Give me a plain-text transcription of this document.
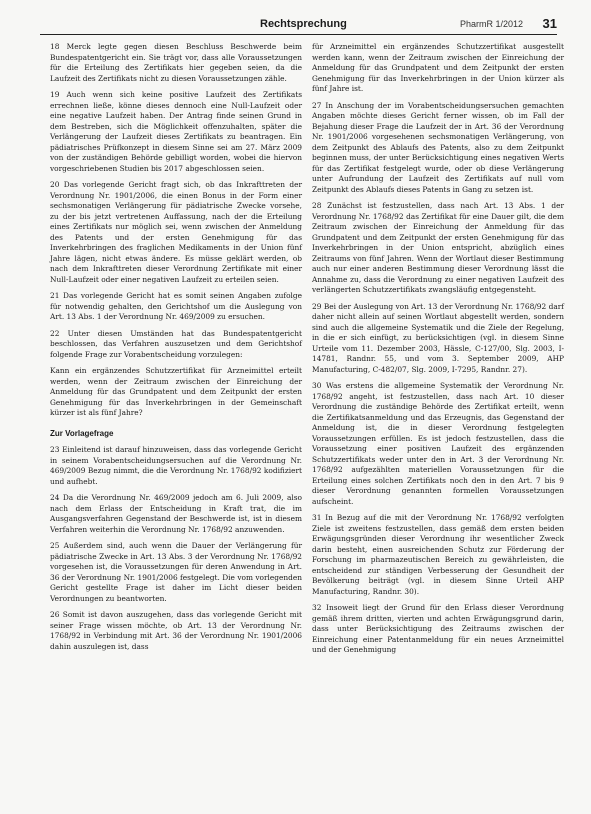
Rechtsprechung	PharmR 1/2012 31

18 Merck legte gegen diesen Beschluss Beschwerde beim Bundespatentgericht ein. Sie trägt vor, dass alle Voraussetzungen für die Erteilung des Zertifikats hier gegeben seien, da die Laufzeit des Zertifikats nicht zu diesen Voraussetzungen zähle.

19 Auch wenn sich keine positive Laufzeit des Zertifikats errechnen ließe, könne dieses dennoch eine Null-Laufzeit oder eine negative Laufzeit haben. Der Antrag finde seinen Grund in dem Bestreben, sich die Möglichkeit offenzuhalten, später die Verlängerung der Laufzeit dieses Zertifikats zu beantragen. Ein pädiatrisches Prüfkonzept in diesem Sinne sei am 27. März 2009 von der zuständigen Behörde gebilligt worden, wobei die hiervon vorgeschriebenen Studien bis 2017 abgeschlossen seien.

20 Das vorlegende Gericht fragt sich, ob das Inkrafttreten der Verordnung Nr. 1901/2006, die einen Bonus in der Form einer sechsmonatigen Verlängerung für pädiatrische Zwecke vorsehe, zu der bis jetzt vertretenen Auffassung, nach der die Erteilung eines Zertifikats nur möglich sei, wenn zwischen der Anmeldung des Patents und der ersten Genehmigung für das Inverkehrbringen des fraglichen Medikaments in der Union fünf Jahre lägen, nicht etwas ändere. Es müsse geklärt werden, ob nach dem Inkrafttreten dieser Verordnung Zertifikate mit einer Null-Laufzeit oder einer negativen Laufzeit zu erteilen seien.

21 Das vorlegende Gericht hat es somit seinen Angaben zufolge für notwendig gehalten, den Gerichtshof um die Auslegung von Art. 13 Abs. 1 der Verordnung Nr. 469/2009 zu ersuchen.

22 Unter diesen Umständen hat das Bundespatentgericht beschlossen, das Verfahren auszusetzen und dem Gerichtshof folgende Frage zur Vorabentscheidung vorzulegen:

Kann ein ergänzendes Schutzzertifikat für Arzneimittel erteilt werden, wenn der Zeitraum zwischen der Einreichung der Anmeldung für das Grundpatent und dem Zeitpunkt der ersten Genehmigung für das Inverkehrbringen in der Gemeinschaft kürzer ist als fünf Jahre?

Zur Vorlagefrage

23 Einleitend ist darauf hinzuweisen, dass das vorlegende Gericht in seinem Vorabentscheidungsersuchen auf die Verordnung Nr. 469/2009 Bezug nimmt, die die Verordnung Nr. 1768/92 kodifiziert und aufhebt.

24 Da die Verordnung Nr. 469/2009 jedoch am 6. Juli 2009, also nach dem Erlass der Entscheidung in Kraft trat, die im Ausgangsverfahren Gegenstand der Beschwerde ist, ist in diesem Verfahren weiterhin die Verordnung Nr. 1768/92 anzuwenden.

25 Außerdem sind, auch wenn die Dauer der Verlängerung für pädiatrische Zwecke in Art. 13 Abs. 3 der Verordnung Nr. 1768/92 vorgesehen ist, die Voraussetzungen für deren Anwendung in Art. 36 der Verordnung Nr. 1901/2006 festgelegt. Die vom vorlegenden Gericht gestellte Frage ist daher im Licht dieser beiden Verordnungen zu beantworten.

26 Somit ist davon auszugehen, dass das vorlegende Gericht mit seiner Frage wissen möchte, ob Art. 13 der Verordnung Nr. 1768/92 in Verbindung mit Art. 36 der Verordnung Nr. 1901/2006 dahin auszulegen ist, dass

für Arzneimittel ein ergänzendes Schutzzertifikat ausgestellt werden kann, wenn der Zeitraum zwischen der Einreichung der Anmeldung für das Grundpatent und dem Zeitpunkt der ersten Genehmigung für das Inverkehrbringen in der Union kürzer als fünf Jahre ist.

27 In Anschung der im Vorabentscheidungsersuchen gemachten Angaben möchte dieses Gericht ferner wissen, ob im Fall der Bejahung dieser Frage die Laufzeit der in Art. 36 der Verordnung Nr. 1901/2006 vorgesehenen sechsmonatigen Verlängerung, von dem Zeitpunkt des Ablaufs des Patents, also zu dem Zeitpunkt beginnen muss, der unter Berücksichtigung eines negativen Werts für das Zertifikat festgelegt wurde, oder ob diese Verlängerung unter Aufrundung der Laufzeit des Zertifikats auf null vom Zeitpunkt des Ablaufs dieses Patents in Gang zu setzen ist.

28 Zunächst ist festzustellen, dass nach Art. 13 Abs. 1 der Verordnung Nr. 1768/92 das Zertifikat für eine Dauer gilt, die dem Zeitraum zwischen der Einreichung der Anmeldung für das Grundpatent und dem Zeitpunkt der ersten Genehmigung für das Inverkehrbringen in der Union entspricht, abzüglich eines Zeitraums von fünf Jahren. Wenn der Wortlaut dieser Bestimmung auch nur einer anderen Bestimmung dieser Verordnung lässt die Annahme zu, dass die Verordnung zu einer negativen Laufzeit des verlängerten Schutzzertifikats zwangsläufig entgegensteht.

29 Bei der Auslegung von Art. 13 der Verordnung Nr. 1768/92 darf daher nicht allein auf seinen Wortlaut abgestellt werden, sondern sind auch die allgemeine Systematik und die Ziele der Regelung, in die er sich einfügt, zu berücksichtigen (vgl. in diesem Sinne Urteile vom 11. Dezember 2003, Hässle, C-127/00, Slg. 2003, I-14781, Randnr. 55, und vom 3. September 2009, AHP Manufacturing, C-482/07, Slg. 2009, I-7295, Randnr. 27).

30 Was erstens die allgemeine Systematik der Verordnung Nr. 1768/92 angeht, ist festzustellen, dass nach Art. 10 dieser Verordnung die zuständige Behörde des Zertifikat erteilt, wenn die Zertifikatsanmeldung und das Erzeugnis, das Gegenstand der Anmeldung ist, die in dieser Verordnung festgelegten Voraussetzungen erfüllen. Es ist jedoch festzustellen, dass die Voraussetzung einer positiven Laufzeit des ergänzenden Schutzzertifikats weder unter den in Art. 3 der Verordnung Nr. 1768/92 aufgezählten materiellen Voraussetzungen für die Erteilung eines solchen Zertifikats noch den in den Art. 7 bis 9 dieser Verordnung genannten formellen Voraussetzungen aufscheint.

31 In Bezug auf die mit der Verordnung Nr. 1768/92 verfolgten Ziele ist zweitens festzustellen, dass gemäß dem ersten beiden Erwägungsgründen dieser Verordnung ihr wesentlicher Zweck darin besteht, einen ausreichenden Schutz zur Förderung der Forschung im pharmazeutischen Bereich zu gewährleisten, die entscheidend zur ständigen Verbesserung der Gesundheit der Bevölkerung beiträgt (vgl. in diesem Sinne Urteil AHP Manufacturing, Randnr. 30).

32 Insoweit liegt der Grund für den Erlass dieser Verordnung gemäß ihrem dritten, vierten und achten Erwägungsgrund darin, dass unter Berücksichtigung des Zeitraums zwischen der Einreichung einer Patentanmeldung für ein neues Arzneimittel und der Genehmigung
